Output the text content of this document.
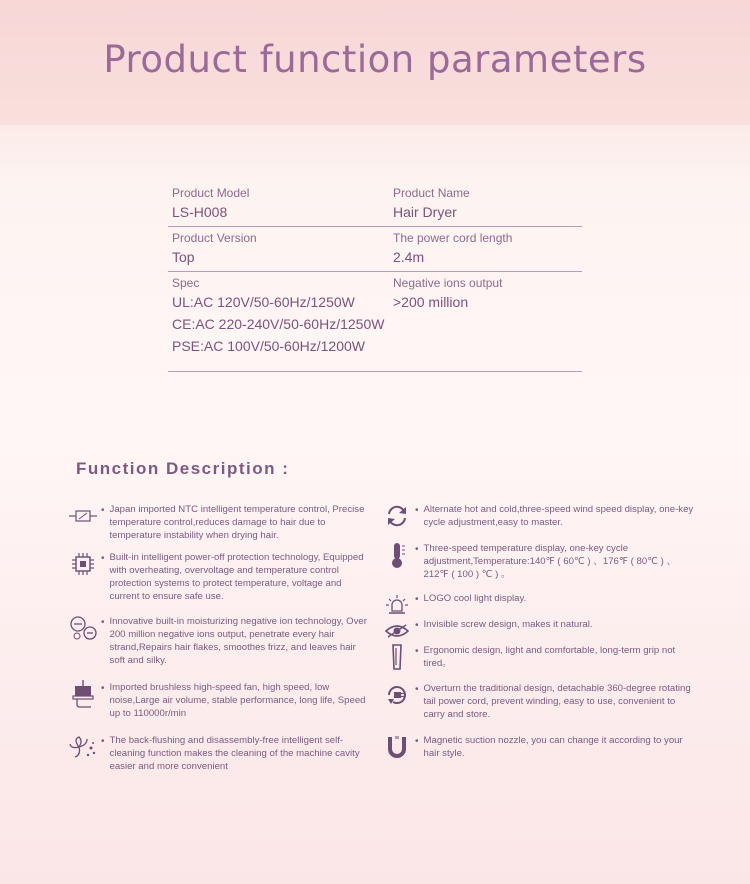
Product function parameters
Product Model
LS-H008
Product Name
Hair Dryer
Product Version
Top
The power cord length
2.4m
Spec
UL:AC 120V/50-60Hz/1250W
CE:AC 220-240V/50-60Hz/1250W
PSE:AC 100V/50-60Hz/1200W
Negative ions output
>200 million
Function Description :
• Japan imported NTC intelligent temperature control, Precise temperature control,reduces damage to hair due to temperature instability when drying hair.
• Built-in intelligent power-off protection technology, Equipped with overheating, overvoltage and temperature control protection systems to protect temperature, voltage and current to ensure safe use.
• Innovative built-in moisturizing negative ion technology, Over 200 million negative ions output, penetrate every hair strand,Repairs hair flakes, smoothes frizz, and leaves hair soft and silky.
• Imported brushless high-speed fan, high speed, low noise,Large air volume, stable performance, long life, Speed up to 110000r/min
• The back-flushing and disassembly-free intelligent self-cleaning function makes the cleaning of the machine cavity easier and more convenient
• Alternate hot and cold,three-speed wind speed display, one-key cycle adjustment,easy to master.
• Three-speed temperature display, one-key cycle adjustment,Temperature:140℉ ( 60℃ ) 、176℉ ( 80℃ ) 、212℉ ( 100 ) ℃ ) 。
• LOGO cool light display.
• Invisible screw design, makes it natural.
• Ergonomic design, light and comfortable, long-term grip not tired。
• Overturn the traditional design, detachable 360-degree rotating tail power cord, prevent winding, easy to use, convenient to carry and store.
• Magnetic suction nozzle, you can change it according to your hair style.
